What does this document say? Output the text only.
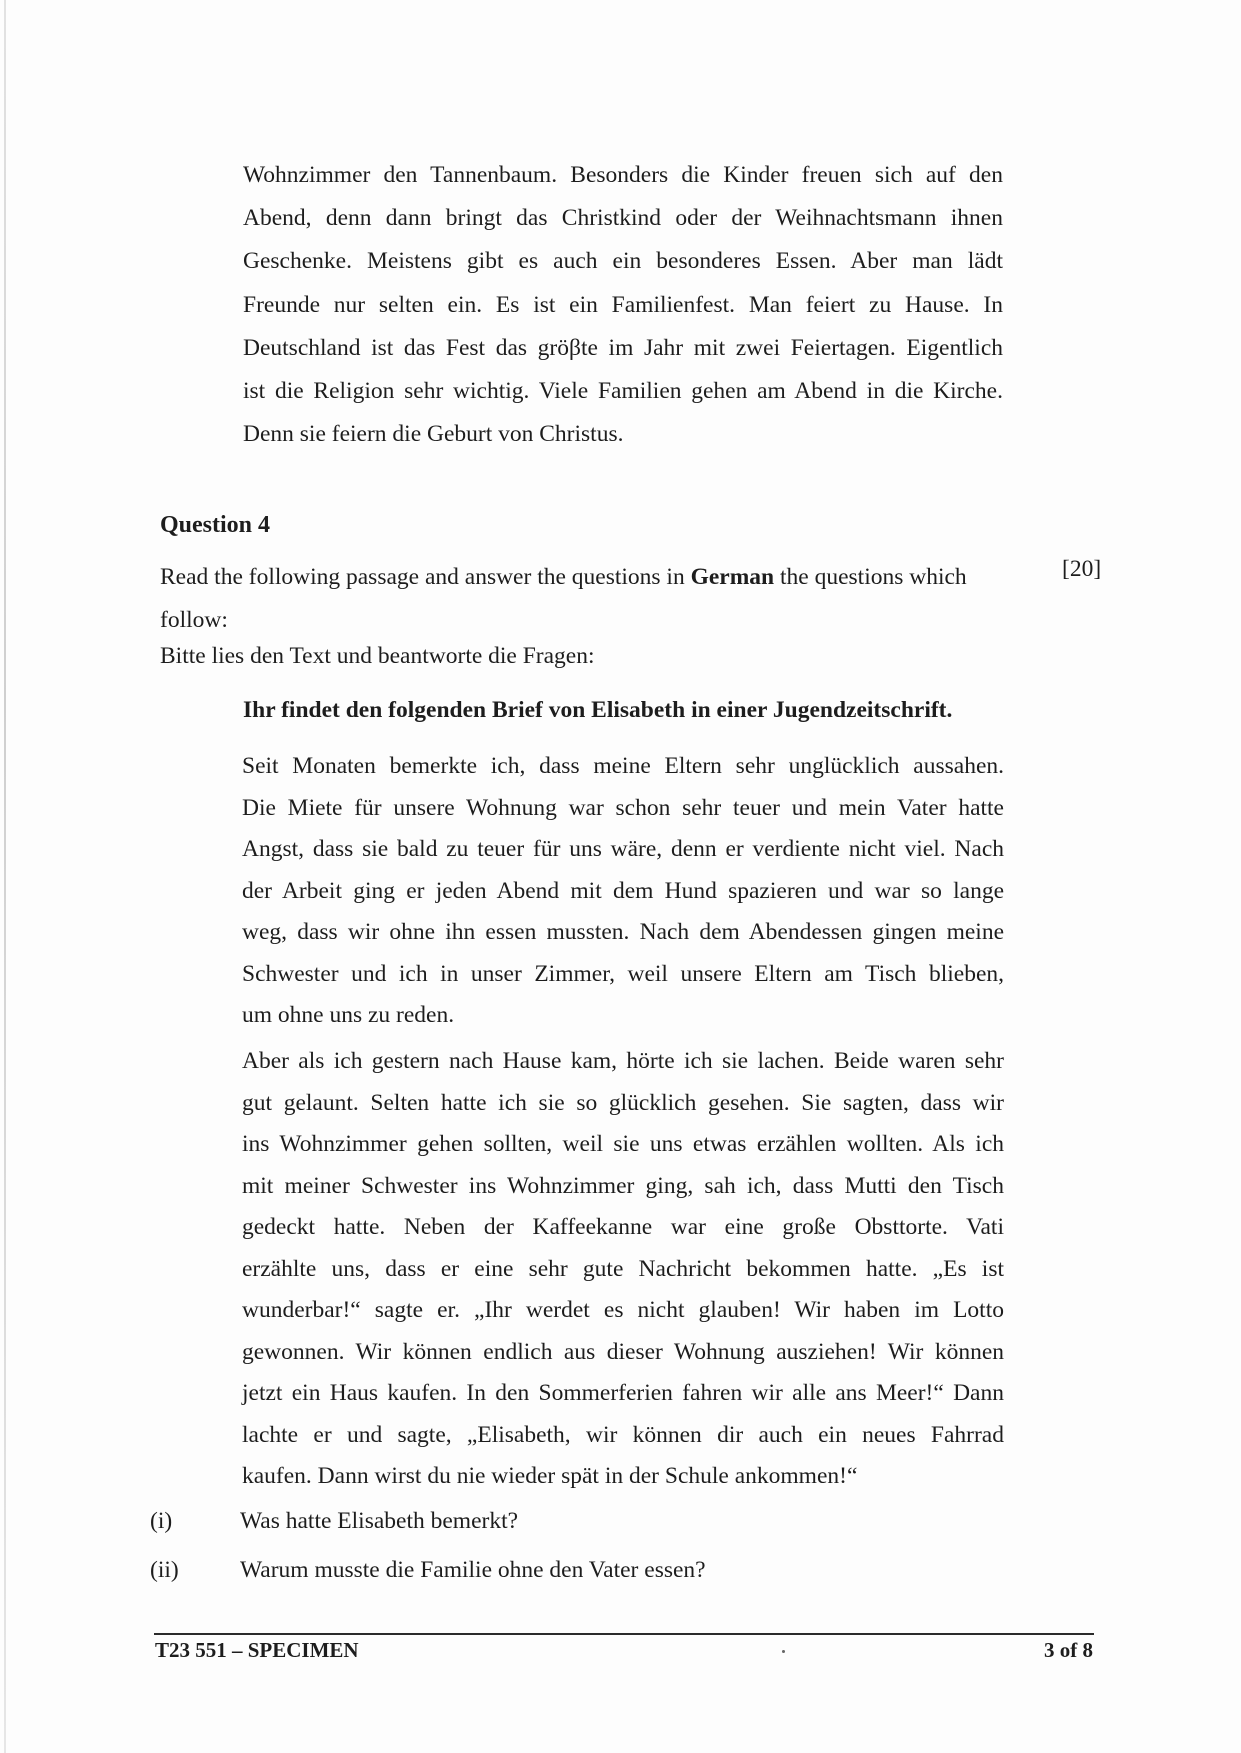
Wohnzimmer den Tannenbaum. Besonders die Kinder freuen sich auf den
Abend, denn dann bringt das Christkind oder der Weihnachtsmann ihnen
Geschenke. Meistens gibt es auch ein besonderes Essen. Aber man lädt
Freunde nur selten ein. Es ist ein Familienfest. Man feiert zu Hause. In
Deutschland ist das Fest das gröβte im Jahr mit zwei Feiertagen. Eigentlich
ist die Religion sehr wichtig. Viele Familien gehen am Abend in die Kirche.
Denn sie feiern die Geburt von Christus.
Question 4
Read the following passage and answer the questions in German the questions which follow:
[20]
Bitte lies den Text und beantworte die Fragen:
Ihr findet den folgenden Brief von Elisabeth in einer Jugendzeitschrift.
Seit Monaten bemerkte ich, dass meine Eltern sehr unglücklich aussahen.
Die Miete für unsere Wohnung war schon sehr teuer und mein Vater hatte
Angst, dass sie bald zu teuer für uns wäre, denn er verdiente nicht viel. Nach
der Arbeit ging er jeden Abend mit dem Hund spazieren und war so lange
weg, dass wir ohne ihn essen mussten. Nach dem Abendessen gingen meine
Schwester und ich in unser Zimmer, weil unsere Eltern am Tisch blieben,
um ohne uns zu reden.
Aber als ich gestern nach Hause kam, hörte ich sie lachen. Beide waren sehr
gut gelaunt. Selten hatte ich sie so glücklich gesehen. Sie sagten, dass wir
ins Wohnzimmer gehen sollten, weil sie uns etwas erzählen wollten. Als ich
mit meiner Schwester ins Wohnzimmer ging, sah ich, dass Mutti den Tisch
gedeckt hatte. Neben der Kaffeekanne war eine große Obsttorte. Vati
erzählte uns, dass er eine sehr gute Nachricht bekommen hatte. „Es ist
wunderbar!“ sagte er. „Ihr werdet es nicht glauben! Wir haben im Lotto
gewonnen. Wir können endlich aus dieser Wohnung ausziehen! Wir können
jetzt ein Haus kaufen. In den Sommerferien fahren wir alle ans Meer!“ Dann
lachte er und sagte, „Elisabeth, wir können dir auch ein neues Fahrrad
kaufen. Dann wirst du nie wieder spät in der Schule ankommen!“
(i)	Was hatte Elisabeth bemerkt?
(ii)	Warum musste die Familie ohne den Vater essen?
T23 551 – SPECIMEN	3 of 8
